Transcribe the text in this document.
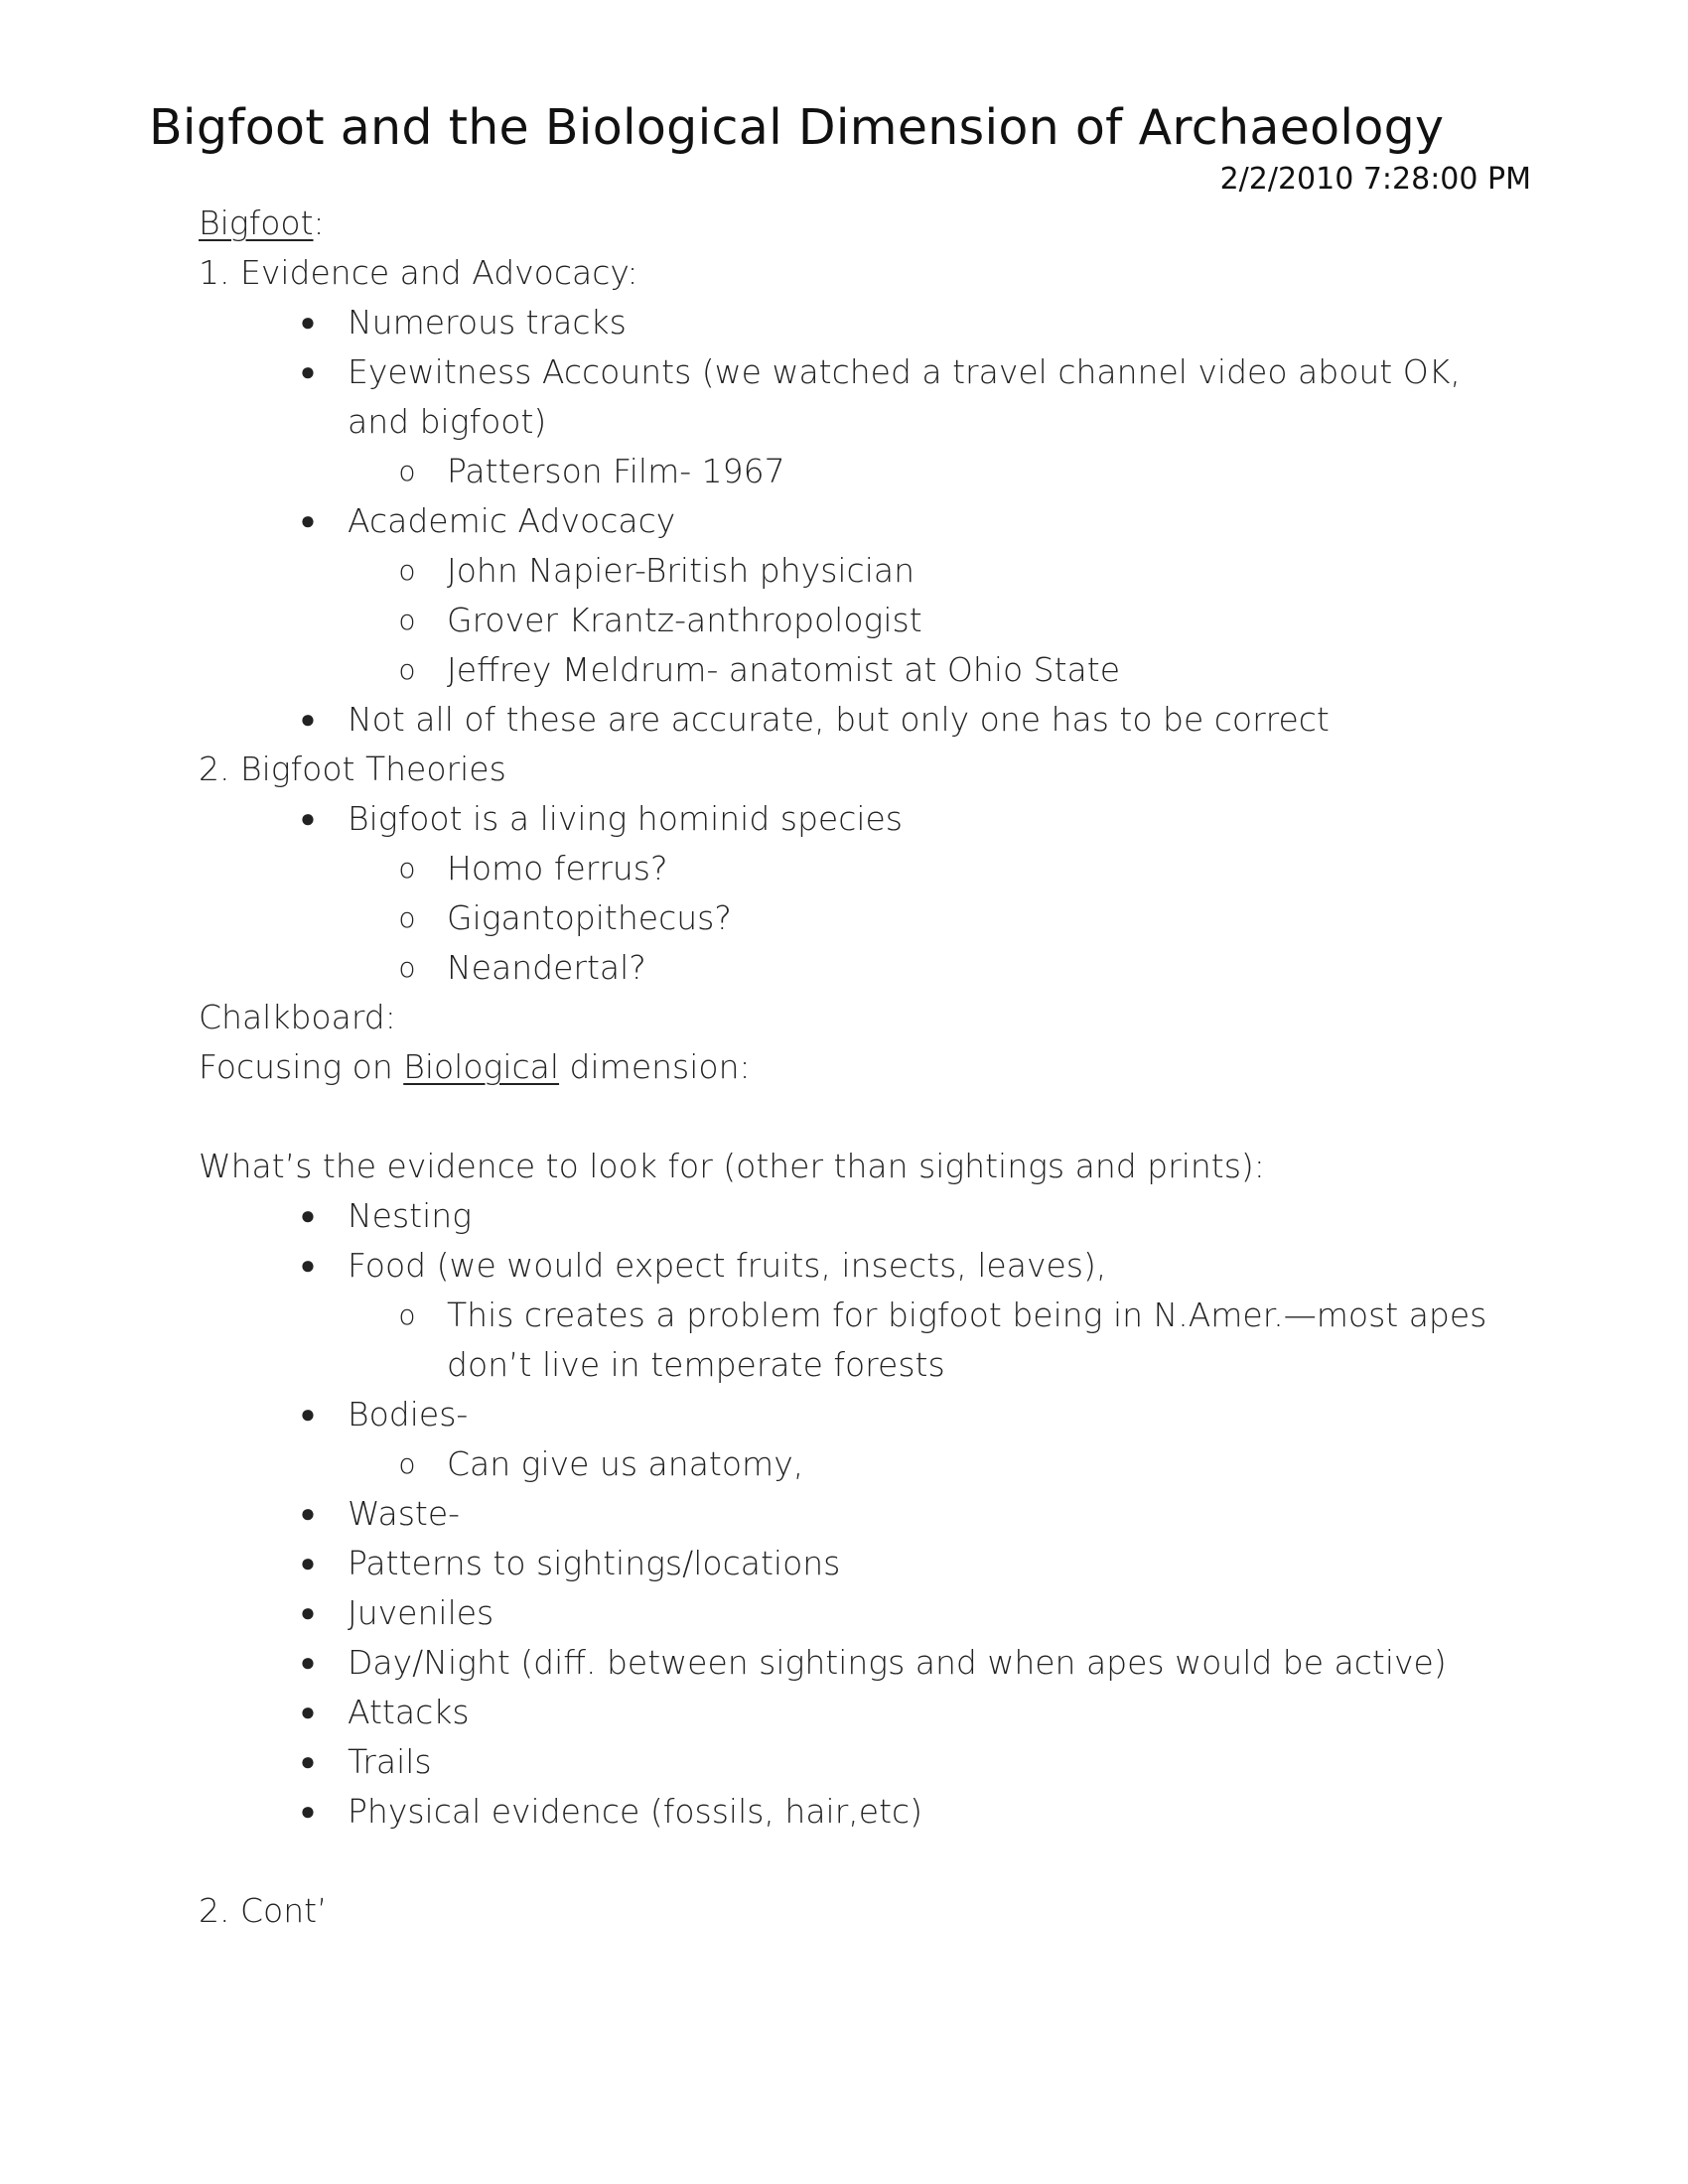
Bigfoot and the Biological Dimension of Archaeology
2/2/2010 7:28:00 PM
Bigfoot:
1. Evidence and Advocacy:
● Numerous tracks
● Eyewitness Accounts (we watched a travel channel video about OK, and bigfoot)
o Patterson Film- 1967
● Academic Advocacy
o John Napier-British physician
o Grover Krantz-anthropologist
o Jeffrey Meldrum- anatomist at Ohio State
● Not all of these are accurate, but only one has to be correct
2. Bigfoot Theories
● Bigfoot is a living hominid species
o Homo ferrus?
o Gigantopithecus?
o Neandertal?
Chalkboard:
Focusing on Biological dimension:
What’s the evidence to look for (other than sightings and prints):
● Nesting
● Food (we would expect fruits, insects, leaves),
o This creates a problem for bigfoot being in N.Amer.—most apes don’t live in temperate forests
● Bodies-
o Can give us anatomy,
● Waste-
● Patterns to sightings/locations
● Juveniles
● Day/Night (diff. between sightings and when apes would be active)
● Attacks
● Trails
● Physical evidence (fossils, hair,etc)
2. Cont’
